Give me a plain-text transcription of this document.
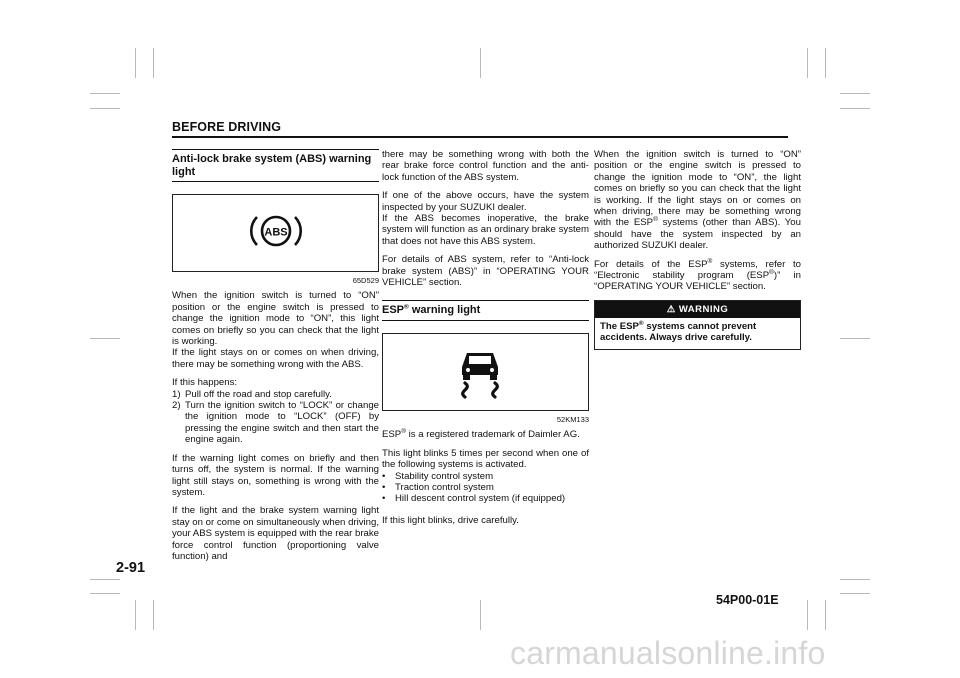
BEFORE DRIVING
Anti-lock brake system (ABS) warning light
ABS
65D529

When the ignition switch is turned to “ON” position or the engine switch is pressed to change the ignition mode to “ON”, this light comes on briefly so you can check that the light is working.

If the light stays on or comes on when driving, there may be something wrong with the ABS.

If this happens:

1) Pull off the road and stop carefully.
2) Turn the ignition switch to “LOCK” or change the ignition mode to “LOCK” (OFF) by pressing the engine switch and then start the engine again.

If the warning light comes on briefly and then turns off, the system is normal. If the warning light still stays on, something is wrong with the system.

If the light and the brake system warning light stay on or come on simultaneously when driving, your ABS system is equipped with the rear brake force control function (proportioning valve function) and

there may be something wrong with both the rear brake force control function and the anti-lock function of the ABS system.

If one of the above occurs, have the system inspected by your SUZUKI dealer.

If the ABS becomes inoperative, the brake system will function as an ordinary brake system that does not have this ABS system.

For details of ABS system, refer to “Anti-lock brake system (ABS)” in “OPERATING YOUR VEHICLE” section.

ESP® warning light
52KM133

ESP® is a registered trademark of Daimler AG.

This light blinks 5 times per second when one of the following systems is activated.

•	Stability control system
•	Traction control system
•	Hill descent control system (if equipped)

If this light blinks, drive carefully.

When the ignition switch is turned to “ON” position or the engine switch is pressed to change the ignition mode to “ON”, the light comes on briefly so you can check that the light is working. If the light stays on or comes on when driving, there may be something wrong with the ESP® systems (other than ABS). You should have the system inspected by an authorized SUZUKI dealer.

For details of the ESP® systems, refer to “Electronic stability program (ESP®)” in “OPERATING YOUR VEHICLE” section.

⚠ WARNING
The ESP® systems cannot prevent accidents. Always drive carefully.
2-91
54P00-01E
carmanualsonline.info
